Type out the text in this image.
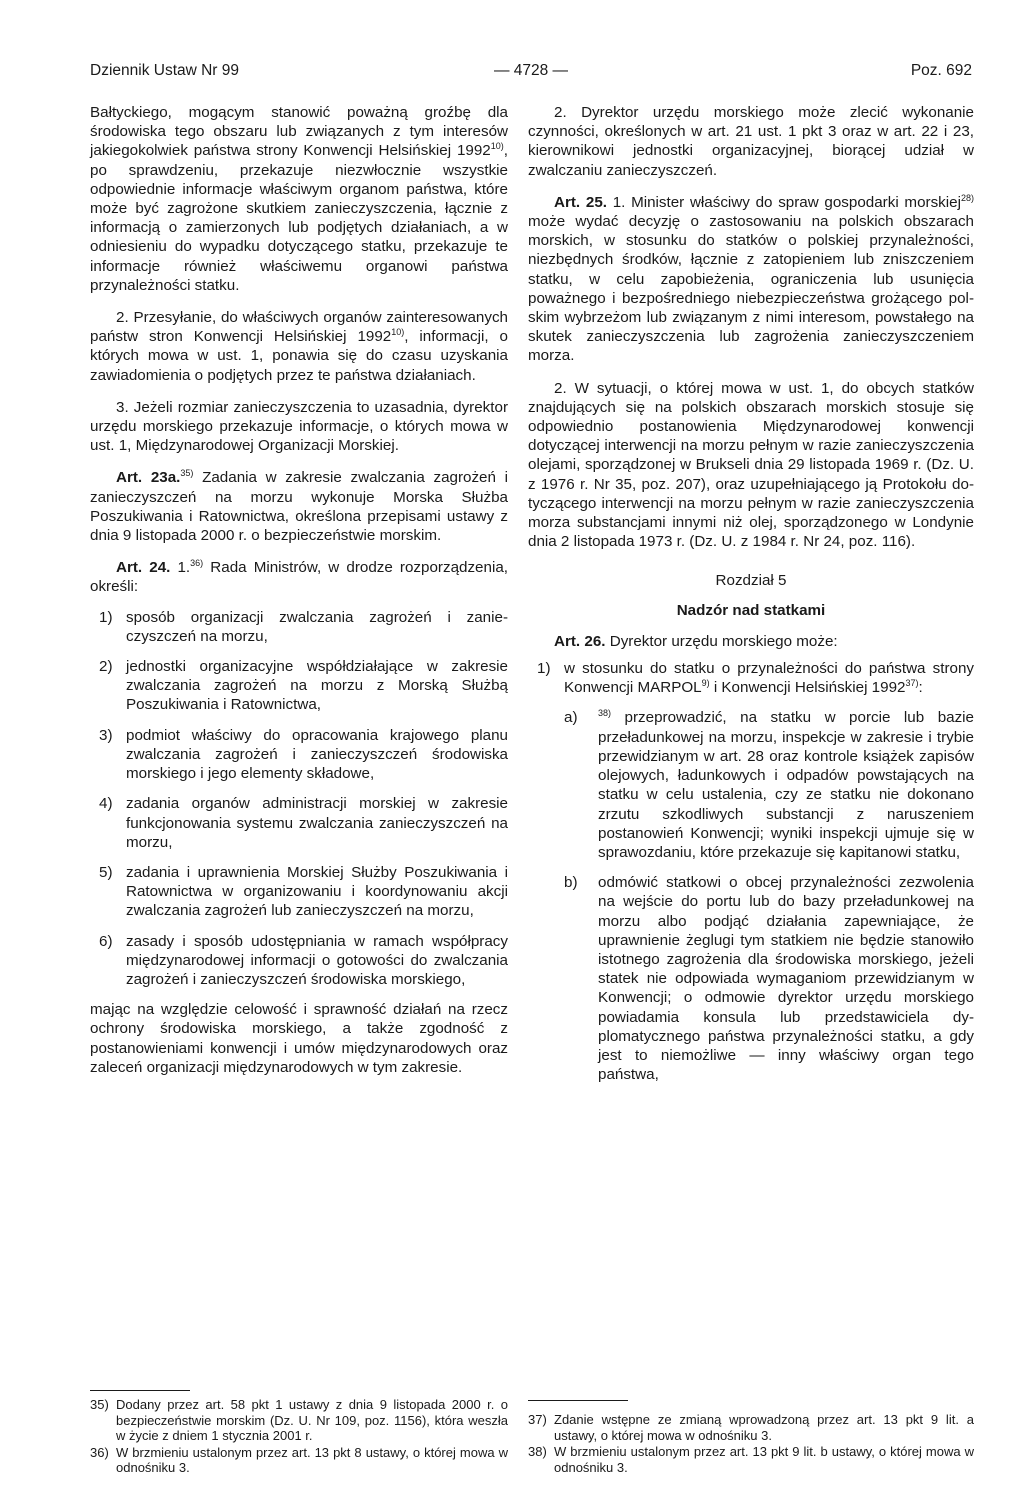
Dziennik Ustaw Nr 99	— 4728 —	Poz. 692

Bałtyckiego, mogącym stanowić poważną groźbę dla środowiska tego obszaru lub związanych z tym interesów jakiegokolwiek państwa strony Konwencji Helsińskiej 1992$^{10)}$, po sprawdzeniu, przekazuje niezwłocznie wszystkie odpowiednie informacje właściwym organom państwa, które może być zagrożone skutkiem zanieczyszczenia, łącznie z informacją o zamierzonych lub podjętych działaniach, a w odniesieniu do wypadku dotyczącego statku, przekazuje te informacje również właściwemu organowi państwa przynależności statku.

2. Przesyłanie, do właściwych organów zainteresowanych państw stron Konwencji Helsińskiej 1992$^{10)}$, informacji, o których mowa w ust. 1, ponawia się do czasu uzyskania zawiadomienia o podjętych przez te państwa działaniach.

3. Jeżeli rozmiar zanieczyszczenia to uzasadnia, dyrektor urzędu morskiego przekazuje informacje, o których mowa w ust. 1, Międzynarodowej Organizacji Morskiej.

Art. 23a.$^{35)}$ Zadania w zakresie zwalczania zagrożeń i zanieczyszczeń na morzu wykonuje Morska Służba Poszukiwania i Ratownictwa, określona przepisami ustawy z dnia 9 listopada 2000 r. o bezpieczeństwie morskim.

Art. 24. 1.$^{36)}$ Rada Ministrów, w drodze rozporządzenia, określi:

1) sposób organizacji zwalczania zagrożeń i zanieczyszczeń na morzu,
2) jednostki organizacyjne współdziałające w zakresie zwalczania zagrożeń na morzu z Morską Służbą Poszukiwania i Ratownictwa,
3) podmiot właściwy do opracowania krajowego planu zwalczania zagrożeń i zanieczyszczeń środowiska morskiego i jego elementy składowe,
4) zadania organów administracji morskiej w zakresie funkcjonowania systemu zwalczania zanieczyszczeń na morzu,
5) zadania i uprawnienia Morskiej Służby Poszukiwania i Ratownictwa w organizowaniu i koordynowaniu akcji zwalczania zagrożeń lub zanieczyszczeń na morzu,
6) zasady i sposób udostępniania w ramach współpracy międzynarodowej informacji o gotowości do zwalczania zagrożeń i zanieczyszczeń środowiska morskiego,

mając na względzie celowość i sprawność działań na rzecz ochrony środowiska morskiego, a także zgodność z postanowieniami konwencji i umów międzynarodowych oraz zaleceń organizacji międzynarodowych w tym zakresie.

2. Dyrektor urzędu morskiego może zlecić wykonanie czynności, określonych w art. 21 ust. 1 pkt 3 oraz w art. 22 i 23, kierownikowi jednostki organizacyjnej, biorącej udział w zwalczaniu zanieczyszczeń.

Art. 25. 1. Minister właściwy do spraw gospodarki morskiej$^{28)}$ może wydać decyzję o zastosowaniu na polskich obszarach morskich, w stosunku do statków o polskiej przynależności, niezbędnych środków, łącznie z zatopieniem lub zniszczeniem statku, w celu zapobieżenia, ograniczenia lub usunięcia poważnego i bezpośredniego niebezpieczeństwa grożącego polskim wybrzeżom lub związanym z nimi interesom, powstałego na skutek zanieczyszczenia lub zagrożenia zanieczyszczeniem morza.

2. W sytuacji, o której mowa w ust. 1, do obcych statków znajdujących się na polskich obszarach morskich stosuje się odpowiednio postanowienia Międzynarodowej konwencji dotyczącej interwencji na morzu pełnym w razie zanieczyszczenia olejami, sporządzonej w Brukseli dnia 29 listopada 1969 r. (Dz. U. z 1976 r. Nr 35, poz. 207), oraz uzupełniającego ją Protokołu dotyczącego interwencji na morzu pełnym w razie zanieczyszczenia morza substancjami innymi niż olej, sporządzonego w Londynie dnia 2 listopada 1973 r. (Dz. U. z 1984 r. Nr 24, poz. 116).

Rozdział 5

Nadzór nad statkami

Art. 26. Dyrektor urzędu morskiego może:

1) w stosunku do statku o przynależności do państwa strony Konwencji MARPOL$^{9)}$ i Konwencji Helsińskiej 1992$^{37)}$:
a) $^{38)}$ przeprowadzić, na statku w porcie lub bazie przeładunkowej na morzu, inspekcje w zakresie i trybie przewidzianym w art. 28 oraz kontrole książek zapisów olejowych, ładunkowych i odpadów powstających na statku w celu ustalenia, czy ze statku nie dokonano zrzutu szkodliwych substancji z naruszeniem postanowień Konwencji; wyniki inspekcji ujmuje się w sprawozdaniu, które przekazuje się kapitanowi statku,
b) odmówić statkowi o obcej przynależności zezwolenia na wejście do portu lub do bazy przeładunkowej na morzu albo podjąć działania zapewniające, że uprawnienie żeglugi tym statkiem nie będzie stanowiło istotnego zagrożenia dla środowiska morskiego, jeżeli statek nie odpowiada wymaganiom przewidzianym w Konwencji; o odmowie dyrektor urzędu morskiego powiadamia konsula lub przedstawiciela dyplomatycznego państwa przynależności statku, a gdy jest to niemożliwe — inny właściwy organ tego państwa,

35) Dodany przez art. 58 pkt 1 ustawy z dnia 9 listopada 2000 r. o bezpieczeństwie morskim (Dz. U. Nr 109, poz. 1156), która weszła w życie z dniem 1 stycznia 2001 r.

36) W brzmieniu ustalonym przez art. 13 pkt 8 ustawy, o której mowa w odnośniku 3.

37) Zdanie wstępne ze zmianą wprowadzoną przez art. 13 pkt 9 lit. a ustawy, o której mowa w odnośniku 3.

38) W brzmieniu ustalonym przez art. 13 pkt 9 lit. b ustawy, o której mowa w odnośniku 3.
